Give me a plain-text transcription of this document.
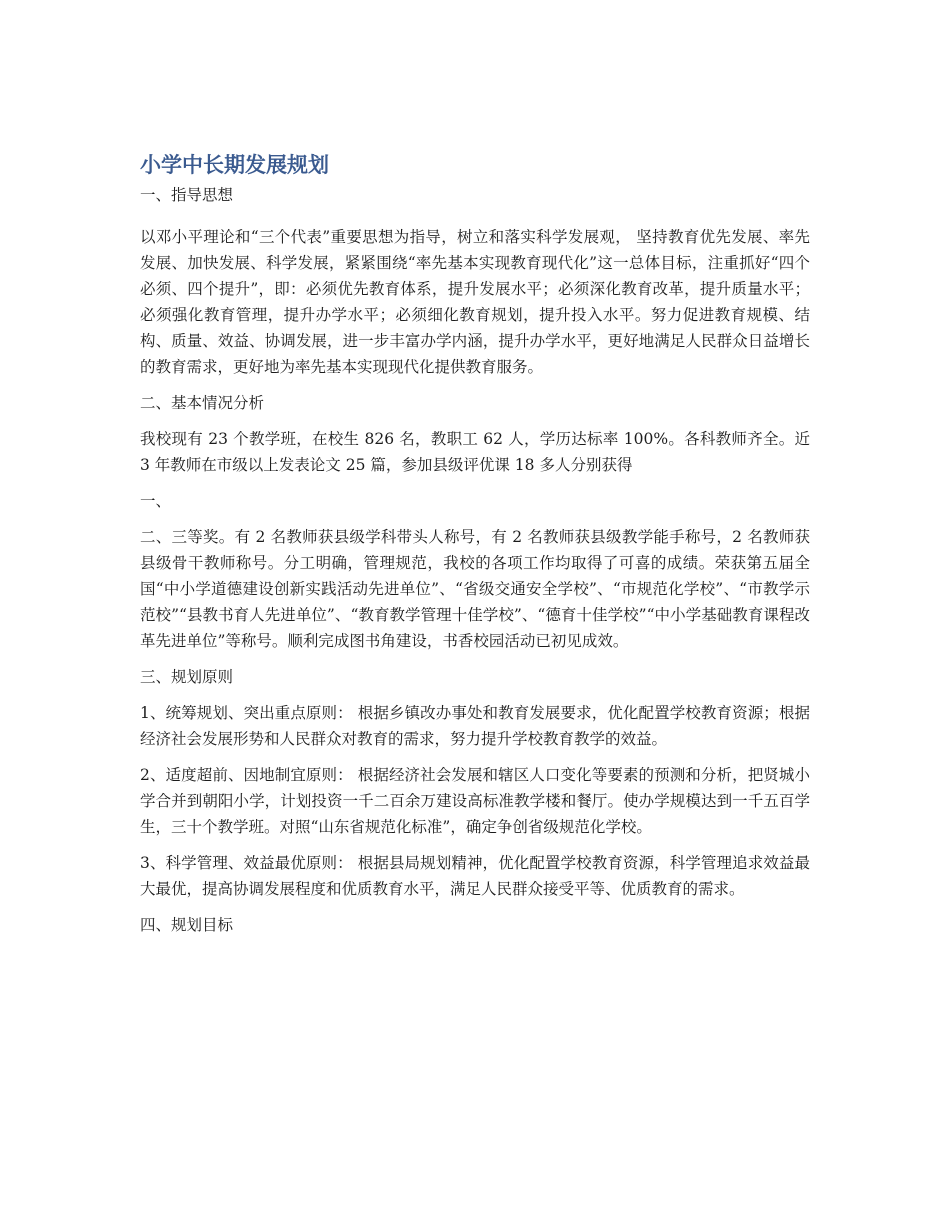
小学中长期发展规划
一、指导思想
以邓小平理论和“三个代表”重要思想为指导，树立和落实科学发展观， 坚持教育优先发展、率先发展、加快发展、科学发展，紧紧围绕“率先基本实现教育现代化”这一总体目标，注重抓好“四个必须、四个提升”，即：必须优先教育体系，提升发展水平；必须深化教育改革，提升质量水平；必须强化教育管理，提升办学水平；必须细化教育规划，提升投入水平。努力促进教育规模、结构、质量、效益、协调发展，进一步丰富办学内涵，提升办学水平，更好地满足人民群众日益增长的教育需求，更好地为率先基本实现现代化提供教育服务。
二、基本情况分析
我校现有 23 个教学班，在校生 826 名，教职工 62 人，学历达标率 100%。各科教师齐全。近 3 年教师在市级以上发表论文 25 篇，参加县级评优课 18 多人分别获得
一、
二、三等奖。有 2 名教师获县级学科带头人称号，有 2 名教师获县级教学能手称号，2 名教师获县级骨干教师称号。分工明确，管理规范，我校的各项工作均取得了可喜的成绩。荣获第五届全国“中小学道德建设创新实践活动先进单位”、“省级交通安全学校”、“市规范化学校”、“市教学示范校”“县教书育人先进单位”、“教育教学管理十佳学校”、“德育十佳学校”“中小学基础教育课程改革先进单位”等称号。顺利完成图书角建设，书香校园活动已初见成效。
三、规划原则
1、统筹规划、突出重点原则： 根据乡镇改办事处和教育发展要求，优化配置学校教育资源；根据经济社会发展形势和人民群众对教育的需求，努力提升学校教育教学的效益。
2、适度超前、因地制宜原则： 根据经济社会发展和辖区人口变化等要素的预测和分析，把贤城小学合并到朝阳小学，计划投资一千二百余万建设高标准教学楼和餐厅。使办学规模达到一千五百学生，三十个教学班。对照“山东省规范化标准”，确定争创省级规范化学校。
3、科学管理、效益最优原则： 根据县局规划精神，优化配置学校教育资源，科学管理追求效益最大最优，提高协调发展程度和优质教育水平，满足人民群众接受平等、优质教育的需求。
四、规划目标
